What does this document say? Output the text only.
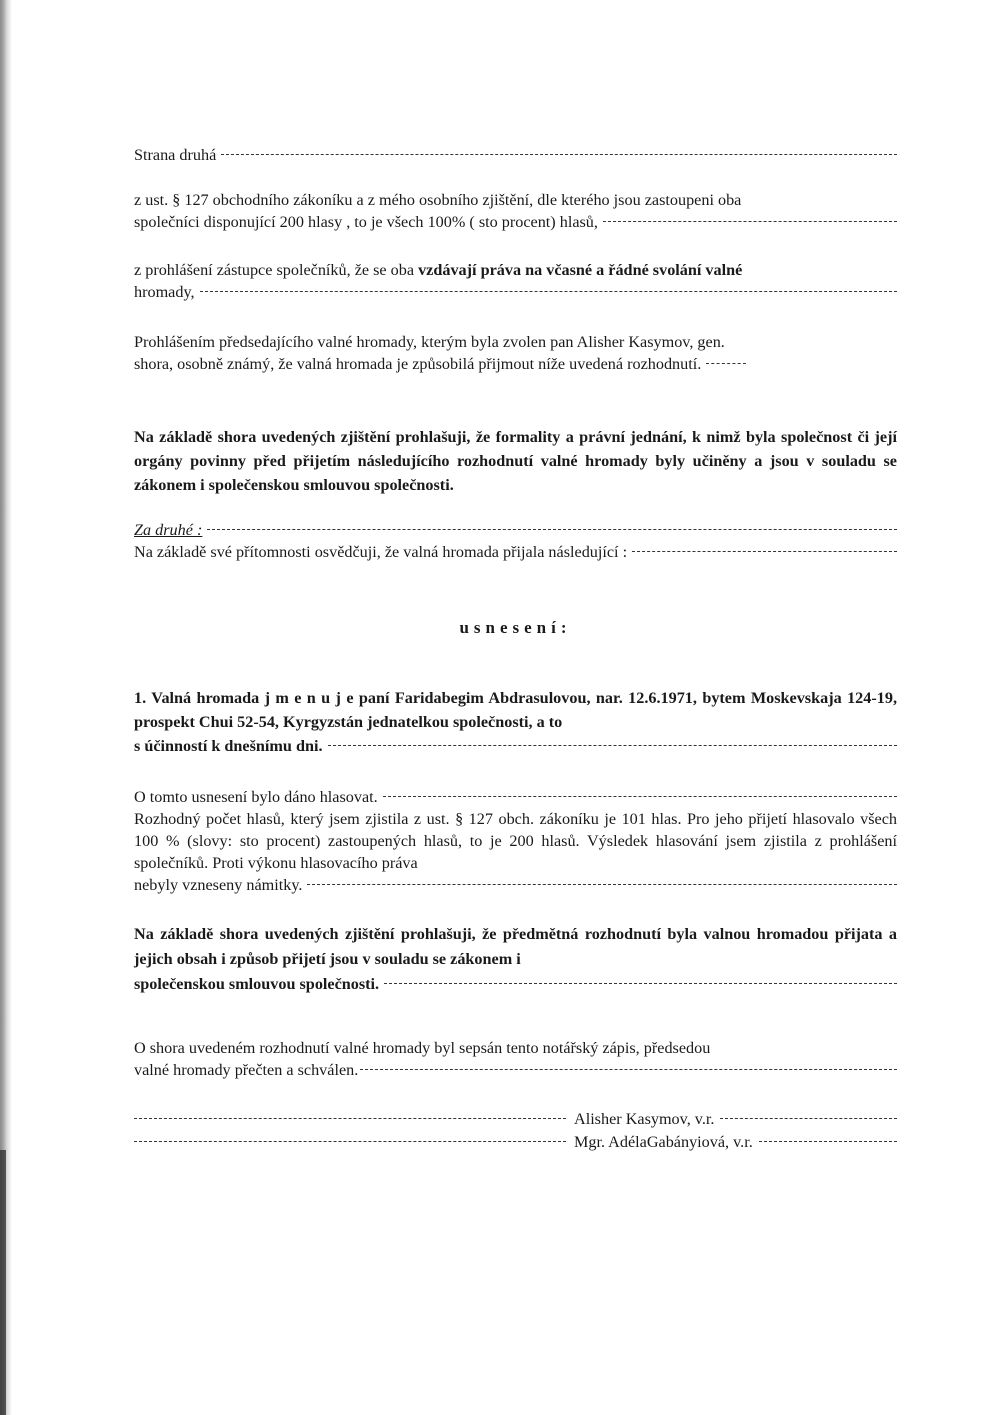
Strana druhá
z ust. § 127 obchodního zákoníku a z mého osobního zjištění, dle kterého jsou zastoupeni oba
společníci disponující 200 hlasy , to je všech 100% ( sto procent) hlasů,
z prohlášení zástupce společníků, že se oba vzdávají práva na včasné a řádné svolání valné
hromady,
Prohlášením předsedajícího valné hromady, kterým byla zvolen pan Alisher Kasymov, gen.
shora, osobně známý, že valná hromada je způsobilá přijmout níže uvedená rozhodnutí.
Na základě shora uvedených zjištění prohlašuji, že formality a právní jednání, k nimž byla společnost či její orgány povinny před přijetím následujícího rozhodnutí valné hromady byly učiněny a jsou v souladu se zákonem i společenskou smlouvou společnosti.
Za druhé :
Na základě své přítomnosti osvědčuji, že valná hromada přijala následující :
usnesení:
1. Valná hromada j m e n u j e paní Faridabegim Abdrasulovou, nar. 12.6.1971, bytem Moskevskaja 124-19, prospekt Chui 52-54, Kyrgyzstán jednatelkou společnosti, a to
s účinností k dnešnímu dni.
O tomto usnesení bylo dáno hlasovat.
Rozhodný počet hlasů, který jsem zjistila z ust. § 127 obch. zákoníku je 101 hlas. Pro jeho přijetí hlasovalo všech 100 % (slovy: sto procent) zastoupených hlasů, to je 200 hlasů. Výsledek hlasování jsem zjistila z prohlášení společníků. Proti výkonu hlasovacího práva
nebyly vzneseny námitky.
Na základě shora uvedených zjištění prohlašuji, že předmětná rozhodnutí byla valnou hromadou přijata a jejich obsah i způsob přijetí jsou v souladu se zákonem i
společenskou smlouvou společnosti.
O shora uvedeném rozhodnutí valné hromady byl sepsán tento notářský zápis, předsedou
valné hromady přečten a schválen.
Alisher Kasymov, v.r.
Mgr. AdélaGabányiová, v.r.
